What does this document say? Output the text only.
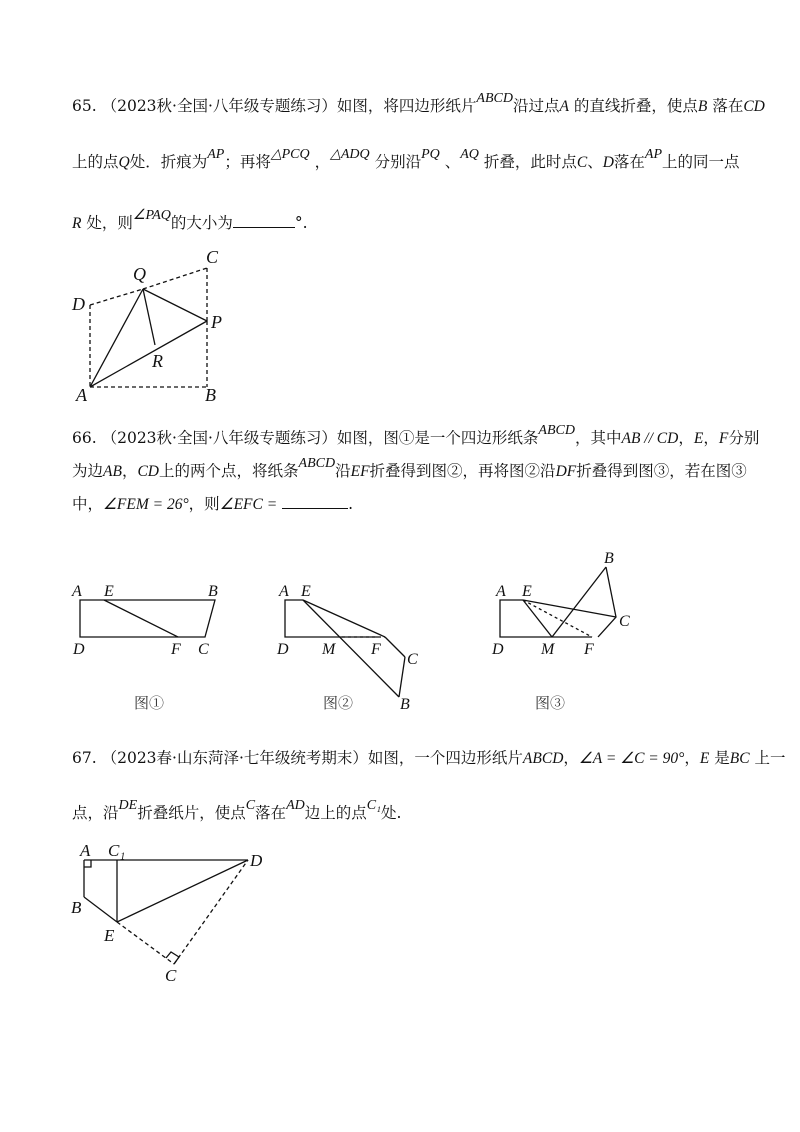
65. （2023秋·全国·八年级专题练习）如图，将四边形纸片ABCD沿过点A 的直线折叠，使点B 落在CD
上的点Q处．折痕为AP；再将△PCQ ，△ADQ 分别沿PQ 、AQ 折叠，此时点C、D落在AP上的同一点
R 处，则∠PAQ的大小为	°.
Q
C
D
P
R
A	B
66. （2023秋·全国·八年级专题练习）如图，图①是一个四边形纸条ABCD，其中AB // CD，E，F分别
为边AB，CD上的两个点，将纸条ABCD沿EF折叠得到图②，再将图②沿DF折叠得到图③，若在图③
中，∠FEM = 26°，则∠EFC =	.
A E	B
D	F C
图①
A E
D M F
C
B
图②
B
A E
C
D M F
图③
67. （2023春·山东菏泽·七年级统考期末）如图，一个四边形纸片ABCD，∠A = ∠C = 90°，E 是BC 上一
点，沿DE折叠纸片，使点C落在AD边上的点C₁处.
A C₁
D
B
E
C
